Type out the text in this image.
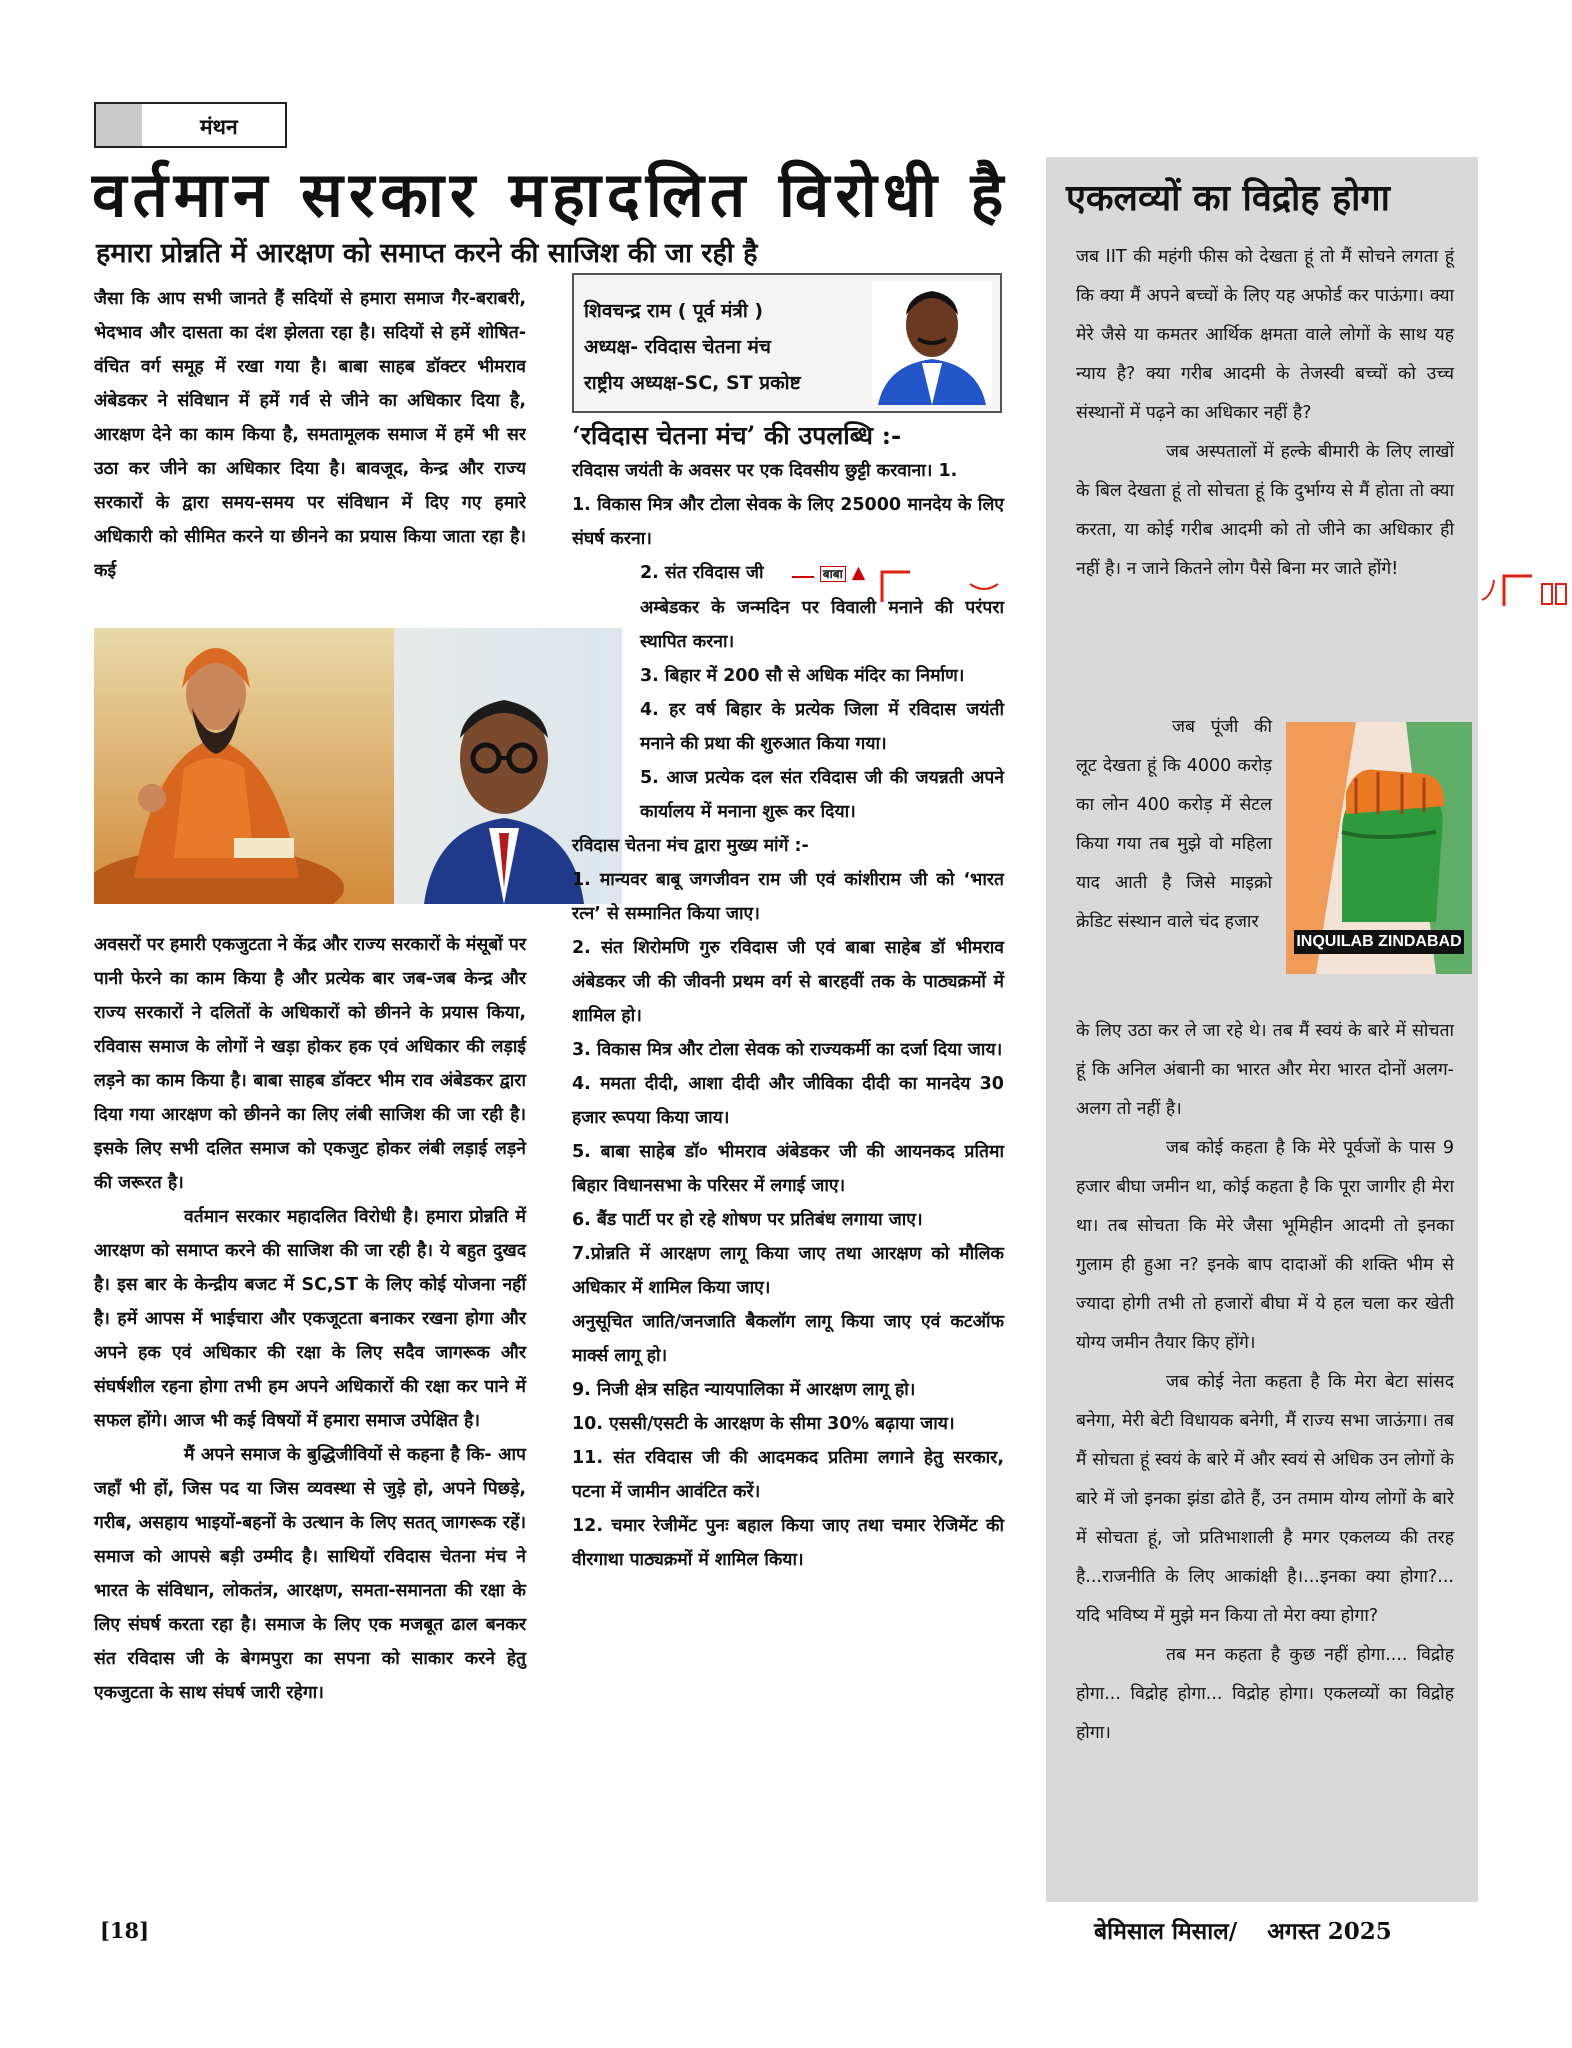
मंथन
वर्तमान सरकार महादलित विरोधी है
हमारा प्रोन्नति में आरक्षण को समाप्त करने की साजिश की जा रही है

जैसा कि आप सभी जानते हैं सदियों से हमारा समाज गैर-बराबरी, भेदभाव और दासता का दंश झेलता रहा है। सदियों से हमें शोषित-वंचित वर्ग समूह में रखा गया है। बाबा साहब डॉक्टर भीमराव अंबेडकर ने संविधान में हमें गर्व से जीने का अधिकार दिया है, आरक्षण देने का काम किया है, समतामूलक समाज में हमें भी सर उठा कर जीने का अधिकार दिया है। बावजूद, केन्द्र और राज्य सरकारों के द्वारा समय-समय पर संविधान में दिए गए हमारे अधिकारी को सीमित करने या छीनने का प्रयास किया जाता रहा है। कई

अवसरों पर हमारी एकजुटता ने केंद्र और राज्य सरकारों के मंसूबों पर पानी फेरने का काम किया है और प्रत्येक बार जब-जब केन्द्र और राज्य सरकारों ने दलितों के अधिकारों को छीनने के प्रयास किया, रविवास समाज के लोगों ने खड़ा होकर हक एवं अधिकार की लड़ाई लड़ने का काम किया है। बाबा साहब डॉक्टर भीम राव अंबेडकर द्वारा दिया गया आरक्षण को छीनने का लिए लंबी साजिश की जा रही है। इसके लिए सभी दलित समाज को एकजुट होकर लंबी लड़ाई लड़ने की जरूरत है।

वर्तमान सरकार महादलित विरोधी है। हमारा प्रोन्नति में आरक्षण को समाप्त करने की साजिश की जा रही है। ये बहुत दुखद है। इस बार के केन्द्रीय बजट में SC,ST के लिए कोई योजना नहीं है। हमें आपस में भाईचारा और एकजूटता बनाकर रखना होगा और अपने हक एवं अधिकार की रक्षा के लिए सदैव जागरूक और संघर्षशील रहना होगा तभी हम अपने अधिकारों की रक्षा कर पाने में सफल होंगे। आज भी कई विषयों में हमारा समाज उपेक्षित है।

मैं अपने समाज के बुद्धिजीवियों से कहना है कि- आप जहाँ भी हों, जिस पद या जिस व्यवस्था से जुड़े हो, अपने पिछड़े, गरीब, असहाय भाइयों-बहनों के उत्थान के लिए सतत् जागरूक रहें। समाज को आपसे बड़ी उम्मीद है। साथियों रविदास चेतना मंच ने भारत के संविधान, लोकतंत्र, आरक्षण, समता-समानता की रक्षा के लिए संघर्ष करता रहा है। समाज के लिए एक मजबूत ढाल बनकर संत रविदास जी के बेगमपुरा का सपना को साकार करने हेतु एकजुटता के साथ संघर्ष जारी रहेगा।

शिवचन्द्र राम ( पूर्व मंत्री )
अध्यक्ष- रविदास चेतना मंच
राष्ट्रीय अध्यक्ष-SC, ST प्रकोष्ट
‘रविदास चेतना मंच’ की उपलब्धि :-

रविदास जयंती के अवसर पर एक दिवसीय छुट्टी करवाना। 1.

1. विकास मित्र और टोला सेवक के लिए 25000 मानदेय के लिए संघर्ष करना।

2. संत रविदास जी	बाबा ▲

अम्बेडकर के जन्मदिन पर विवाली मनाने की परंपरा स्थापित करना।

3. बिहार में 200 सौ से अधिक मंदिर का निर्माण।

4. हर वर्ष बिहार के प्रत्येक जिला में रविदास जयंती मनाने की प्रथा की शुरुआत किया गया।

5. आज प्रत्येक दल संत रविदास जी की जयन्नती अपने कार्यालय में मनाना शुरू कर दिया।

रविदास चेतना मंच द्वारा मुख्य मांगें :-

1. मान्यवर बाबू जगजीवन राम जी एवं कांशीराम जी को ‘भारत रत्न’ से सम्मानित किया जाए।

2. संत शिरोमणि गुरु रविदास जी एवं बाबा साहेब डॉ भीमराव अंबेडकर जी की जीवनी प्रथम वर्ग से बारहवीं तक के पाठ्यक्रमों में शामिल हो।

3. विकास मित्र और टोला सेवक को राज्यकर्मी का दर्जा दिया जाय।

4. ममता दीदी, आशा दीदी और जीविका दीदी का मानदेय 30 हजार रूपया किया जाय।

5. बाबा साहेब डॉ० भीमराव अंबेडकर जी की आयनकद प्रतिमा बिहार विधानसभा के परिसर में लगाई जाए।

6. बैंड पार्टी पर हो रहे शोषण पर प्रतिबंध लगाया जाए।

7.प्रोन्नति में आरक्षण लागू किया जाए तथा आरक्षण को मौलिक अधिकार में शामिल किया जाए।

अनुसूचित जाति/जनजाति बैकलॉग लागू किया जाए एवं कटऑफ मार्क्स लागू हो।

9. निजी क्षेत्र सहित न्यायपालिका में आरक्षण लागू हो।

10. एससी/एसटी के आरक्षण के सीमा 30% बढ़ाया जाय।

11. संत रविदास जी की आदमकद प्रतिमा लगाने हेतु सरकार, पटना में जामीन आवंटित करें।

12. चमार रेजीमेंट पुनः बहाल किया जाए तथा चमार रेजिमेंट की वीरगाथा पाठ्यक्रमों में शामिल किया।

एकलव्यों का विद्रोह होगा

जब IIT की महंगी फीस को देखता हूं तो मैं सोचने लगता हूं कि क्या मैं अपने बच्चों के लिए यह अफोर्ड कर पाऊंगा। क्या मेरे जैसे या कमतर आर्थिक क्षमता वाले लोगों के साथ यह न्याय है? क्या गरीब आदमी के तेजस्वी बच्चों को उच्च संस्थानों में पढ़ने का अधिकार नहीं है?

जब अस्पतालों में हल्के बीमारी के लिए लाखों के बिल देखता हूं तो सोचता हूं कि दुर्भाग्य से मैं होता तो क्या करता, या कोई गरीब आदमी को तो जीने का अधिकार ही नहीं है। न जाने कितने लोग पैसे बिना मर जाते होंगे!

जब पूंजी की लूट देखता हूं कि 4000 करोड़ का लोन 400 करोड़ में सेटल किया गया तब मुझे वो महिला याद आती है जिसे माइक्रो क्रेडिट संस्थान वाले चंद हजार

INQUILAB ZINDABAD

के लिए उठा कर ले जा रहे थे। तब मैं स्वयं के बारे में सोचता हूं कि अनिल अंबानी का भारत और मेरा भारत दोनों अलग-अलग तो नहीं है।

जब कोई कहता है कि मेरे पूर्वजों के पास 9 हजार बीघा जमीन था, कोई कहता है कि पूरा जागीर ही मेरा था। तब सोचता कि मेरे जैसा भूमिहीन आदमी तो इनका गुलाम ही हुआ न? इनके बाप दादाओं की शक्ति भीम से ज्यादा होगी तभी तो हजारों बीघा में ये हल चला कर खेती योग्य जमीन तैयार किए होंगे।

जब कोई नेता कहता है कि मेरा बेटा सांसद बनेगा, मेरी बेटी विधायक बनेगी, मैं राज्य सभा जाऊंगा। तब मैं सोचता हूं स्वयं के बारे में और स्वयं से अधिक उन लोगों के बारे में जो इनका झंडा ढोते हैं, उन तमाम योग्य लोगों के बारे में सोचता हूं, जो प्रतिभाशाली है मगर एकलव्य की तरह है...राजनीति के लिए आकांक्षी है।...इनका क्या होगा?... यदि भविष्य में मुझे मन किया तो मेरा क्या होगा?

तब मन कहता है कुछ नहीं होगा.... विद्रोह होगा... विद्रोह होगा... विद्रोह होगा। एकलव्यों का विद्रोह होगा।

[18]	बेमिसाल मिसाल/ अगस्त 2025
